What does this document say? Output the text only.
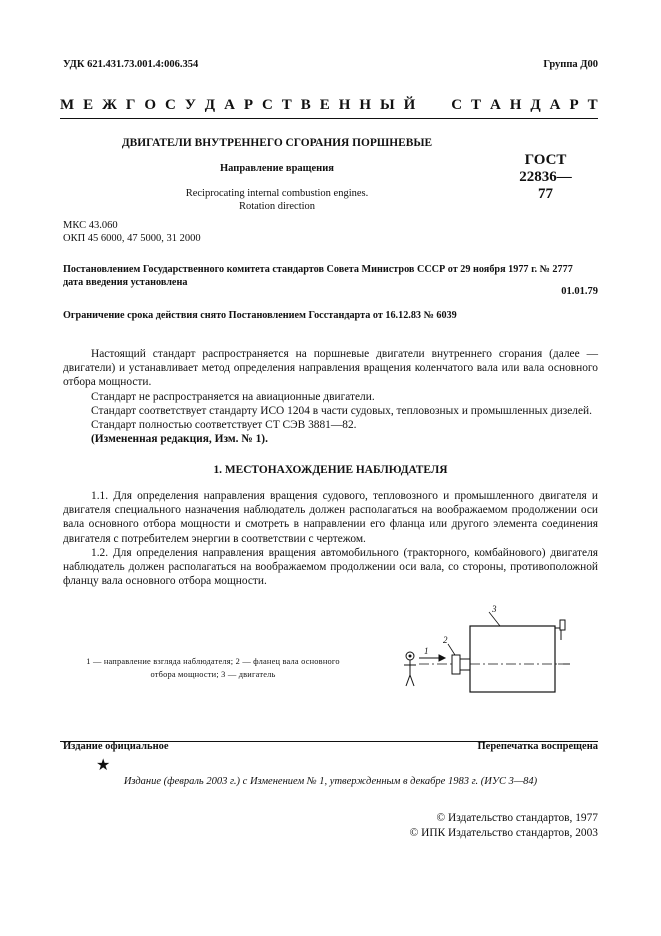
УДК 621.431.73.001.4:006.354	Группа Д00
М Е Ж Г О С У Д А Р С Т В Е Н Н Ы Й С Т А Н Д А Р Т
ДВИГАТЕЛИ ВНУТРЕННЕГО СГОРАНИЯ ПОРШНЕВЫЕ
Направление вращения
Reciprocating internal combustion engines.
Rotation direction
ГОСТ
22836—77
МКС 43.060
ОКП 45 6000, 47 5000, 31 2000
Постановлением Государственного комитета стандартов Совета Министров СССР от 29 ноября 1977 г. № 2777
дата введения установлена
01.01.79
Ограничение срока действия снято Постановлением Госстандарта от 16.12.83 № 6039

Настоящий стандарт распространяется на поршневые двигатели внутреннего сгорания (далее — двигатели) и устанавливает метод определения направления вращения коленчатого вала или вала основного отбора мощности.

Стандарт не распространяется на авиационные двигатели.

Стандарт соответствует стандарту ИСО 1204 в части судовых, тепловозных и промышленных дизелей.

Стандарт полностью соответствует СТ СЭВ 3881—82.

(Измененная редакция, Изм. № 1).

1. МЕСТОНАХОЖДЕНИЕ НАБЛЮДАТЕЛЯ

1.1. Для определения направления вращения судового, тепловозного и промышленного двигателя и двигателя специального назначения наблюдатель должен располагаться на воображаемом продолжении оси вала основного отбора мощности и смотреть в направлении его фланца или другого элемента соединения двигателя с потребителем энергии в соответствии с чертежом.

1.2. Для определения направления вращения автомобильного (тракторного, комбайнового) двигателя наблюдатель должен располагаться на воображаемом продолжении оси вала, со стороны, противоположной фланцу вала основного отбора мощности.

1 — направление взгляда наблюдателя; 2 — фланец вала основного
отбора мощности; 3 — двигатель
3
2
1
Издание официальное	Перепечатка воспрещена
★
Издание (февраль 2003 г.) с Изменением № 1, утвержденным в декабре 1983 г. (ИУС 3—84)
© Издательство стандартов, 1977
© ИПК Издательство стандартов, 2003
